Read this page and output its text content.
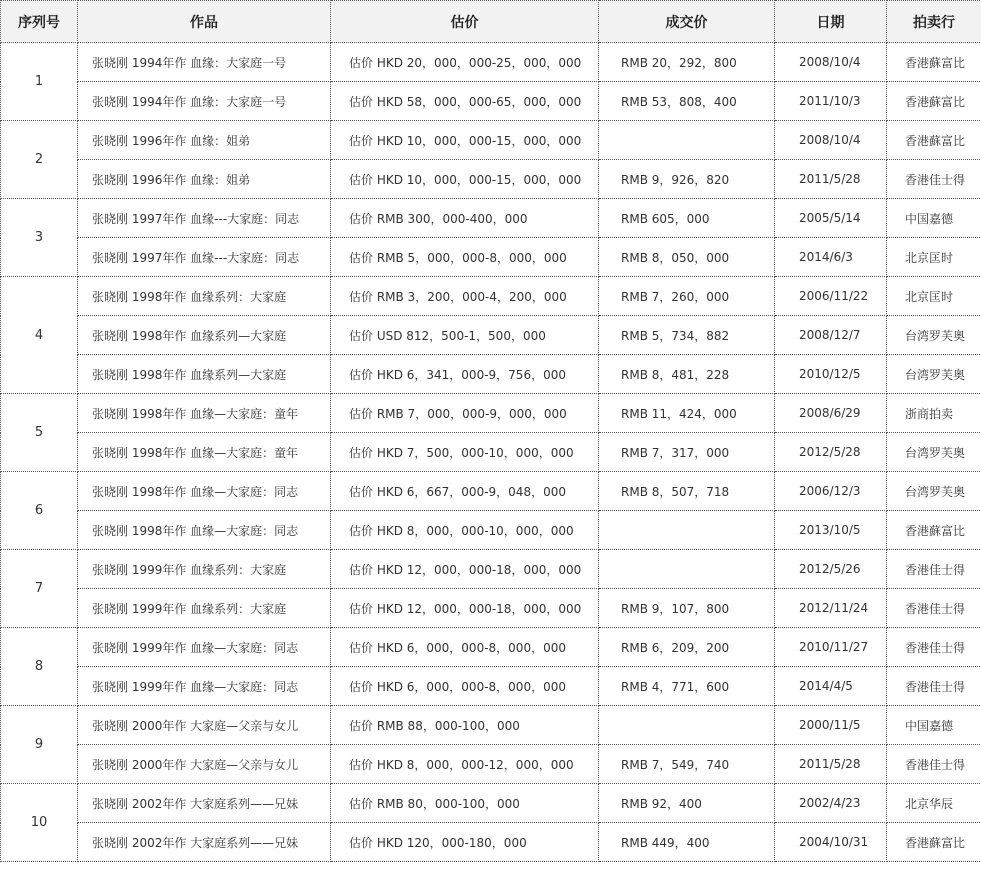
序列号	作品	估价	成交价	日期	拍卖行
1	张晓刚 1994年作 血缘：大家庭一号	估价 HKD 20，000，000-25，000，000	RMB 20，292，800	2008/10/4	香港蘇富比
	张晓刚 1994年作 血缘：大家庭一号	估价 HKD 58，000，000-65，000，000	RMB 53，808，400	2011/10/3	香港蘇富比
2	张晓刚 1996年作 血缘：姐弟	估价 HKD 10，000，000-15，000，000		2008/10/4	香港蘇富比
	张晓刚 1996年作 血缘：姐弟	估价 HKD 10，000，000-15，000，000	RMB 9，926，820	2011/5/28	香港佳士得
3	张晓刚 1997年作 血缘---大家庭：同志	估价 RMB 300，000-400，000	RMB 605，000	2005/5/14	中国嘉德
	张晓刚 1997年作 血缘---大家庭：同志	估价 RMB 5，000，000-8，000，000	RMB 8，050，000	2014/6/3	北京匡时
4	张晓刚 1998年作 血缘系列：大家庭	估价 RMB 3，200，000-4，200，000	RMB 7，260，000	2006/11/22	北京匡时
	张晓刚 1998年作 血缘系列—大家庭	估价 USD 812，500-1，500，000	RMB 5，734，882	2008/12/7	台湾罗芙奥
	张晓刚 1998年作 血缘系列—大家庭	估价 HKD 6，341，000-9，756，000	RMB 8，481，228	2010/12/5	台湾罗芙奥
5	张晓刚 1998年作 血缘—大家庭：童年	估价 RMB 7，000，000-9，000，000	RMB 11，424，000	2008/6/29	浙商拍卖
	张晓刚 1998年作 血缘—大家庭：童年	估价 HKD 7，500，000-10，000，000	RMB 7，317，000	2012/5/28	台湾罗芙奥
6	张晓刚 1998年作 血缘—大家庭：同志	估价 HKD 6，667，000-9，048，000	RMB 8，507，718	2006/12/3	台湾罗芙奥
	张晓刚 1998年作 血缘—大家庭：同志	估价 HKD 8，000，000-10，000，000		2013/10/5	香港蘇富比
7	张晓刚 1999年作 血缘系列：大家庭	估价 HKD 12，000，000-18，000，000		2012/5/26	香港佳士得
	张晓刚 1999年作 血缘系列：大家庭	估价 HKD 12，000，000-18，000，000	RMB 9，107，800	2012/11/24	香港佳士得
8	张晓刚 1999年作 血缘—大家庭：同志	估价 HKD 6，000，000-8，000，000	RMB 6，209，200	2010/11/27	香港佳士得
	张晓刚 1999年作 血缘—大家庭：同志	估价 HKD 6，000，000-8，000，000	RMB 4，771，600	2014/4/5	香港佳士得
9	张晓刚 2000年作 大家庭—父亲与女儿	估价 RMB 88，000-100，000		2000/11/5	中国嘉德
	张晓刚 2000年作 大家庭—父亲与女儿	估价 HKD 8，000，000-12，000，000	RMB 7，549，740	2011/5/28	香港佳士得
10	张晓刚 2002年作 大家庭系列——兄妹	估价 RMB 80，000-100，000	RMB 92，400	2002/4/23	北京华辰
	张晓刚 2002年作 大家庭系列——兄妹	估价 HKD 120，000-180，000	RMB 449，400	2004/10/31	香港蘇富比
